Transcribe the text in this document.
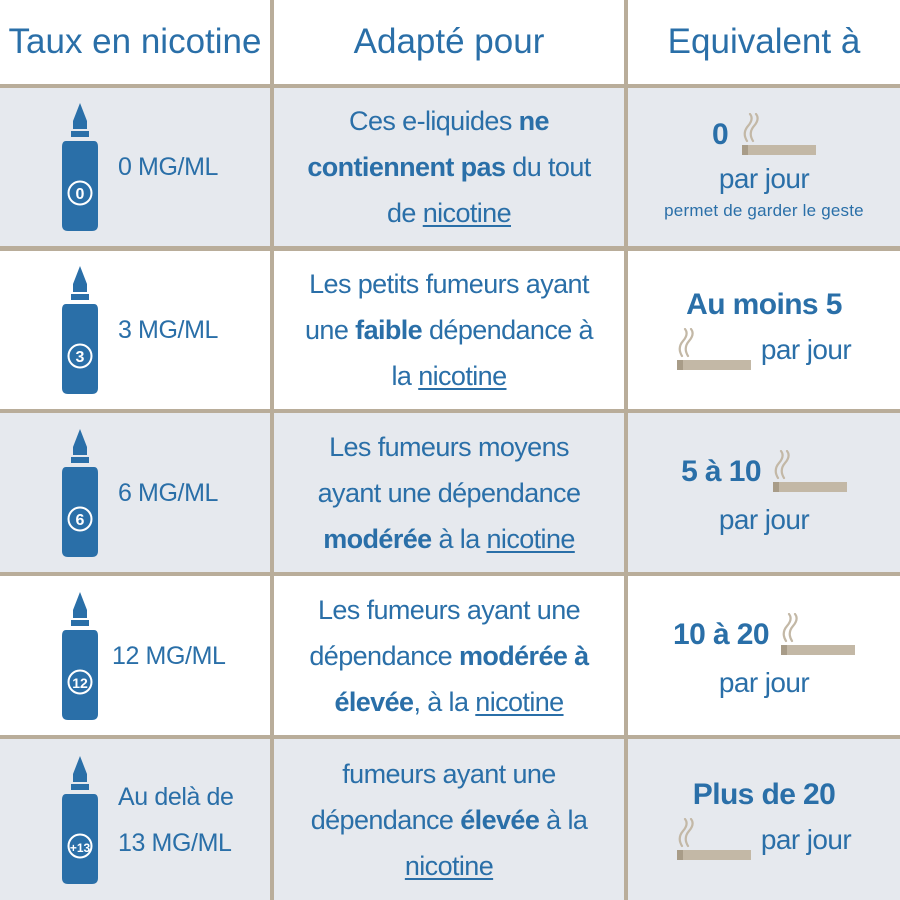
Taux en nicotine	Adapté pour	Equivalent à
0
0 MG/ML
Ces e-liquides ne
contiennent pas du tout
de nicotine
0
par jour
permet de garder le geste
3
3 MG/ML
Les petits fumeurs ayant
une faible dépendance à
la nicotine
Au moins 5
par jour
6
6 MG/ML
Les fumeurs moyens
ayant une dépendance
modérée à la nicotine
5 à 10
par jour
12
12 MG/ML
Les fumeurs ayant une
dépendance modérée à
élevée, à la nicotine
10 à 20
par jour
+13
Au delà de
13 MG/ML
fumeurs ayant une
dépendance élevée à la
nicotine
Plus de 20
par jour
